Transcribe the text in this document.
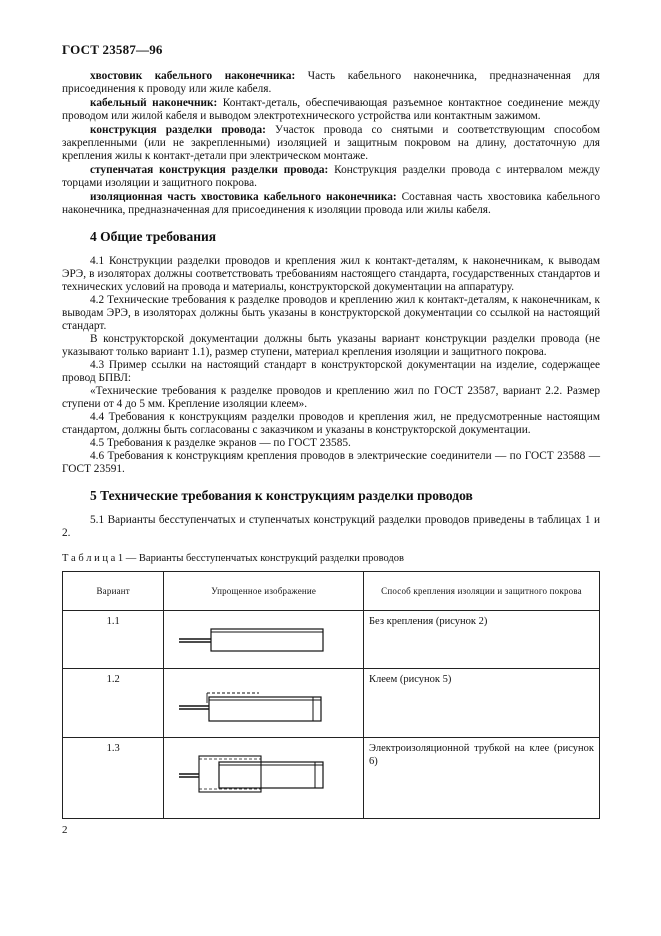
ГОСТ 23587—96

хвостовик кабельного наконечника: Часть кабельного наконечника, предназначенная для присоединения к проводу или жиле кабеля.

кабельный наконечник: Контакт-деталь, обеспечивающая разъемное контактное соединение между проводом или жилой кабеля и выводом электротехнического устройства или контактным зажимом.

конструкция разделки провода: Участок провода со снятыми и соответствующим способом закрепленными (или не закрепленными) изоляцией и защитным покровом на длину, достаточную для крепления жилы к контакт-детали при электрическом монтаже.

ступенчатая конструкция разделки провода: Конструкция разделки провода с интервалом между торцами изоляции и защитного покрова.

изоляционная часть хвостовика кабельного наконечника: Составная часть хвостовика кабельного наконечника, предназначенная для присоединения к изоляции провода или жилы кабеля.

4 Общие требования

4.1 Конструкции разделки проводов и крепления жил к контакт-деталям, к наконечникам, к выводам ЭРЭ, в изоляторах должны соответствовать требованиям настоящего стандарта, государственных стандартов и технических условий на провода и материалы, конструкторской документации на аппаратуру.

4.2 Технические требования к разделке проводов и креплению жил к контакт-деталям, к наконечникам, к выводам ЭРЭ, в изоляторах должны быть указаны в конструкторской документации со ссылкой на настоящий стандарт.

В конструкторской документации должны быть указаны вариант конструкции разделки провода (не указывают только вариант 1.1), размер ступени, материал крепления изоляции и защитного покрова.

4.3 Пример ссылки на настоящий стандарт в конструкторской документации на изделие, содержащее провод БПВЛ:

«Технические требования к разделке проводов и креплению жил по ГОСТ 23587, вариант 2.2. Размер ступени от 4 до 5 мм. Крепление изоляции клеем».

4.4 Требования к конструкциям разделки проводов и крепления жил, не предусмотренные настоящим стандартом, должны быть согласованы с заказчиком и указаны в конструкторской документации.

4.5 Требования к разделке экранов — по ГОСТ 23585.

4.6 Требования к конструкциям крепления проводов в электрические соединители — по ГОСТ 23588 — ГОСТ 23591.

5 Технические требования к конструкциям разделки проводов

5.1 Варианты бесступенчатых и ступенчатых конструкций разделки проводов приведены в таблицах 1 и 2.

Т а б л и ц а 1 — Варианты бесступенчатых конструкций разделки проводов
Вариант	Упрощенное изображение	Способ крепления изоляции и защитного покрова
1.1		Без крепления (рисунок 2)
1.2		Клеем (рисунок 5)
1.3		Электроизоляционной трубкой на клее (рисунок 6)
2
